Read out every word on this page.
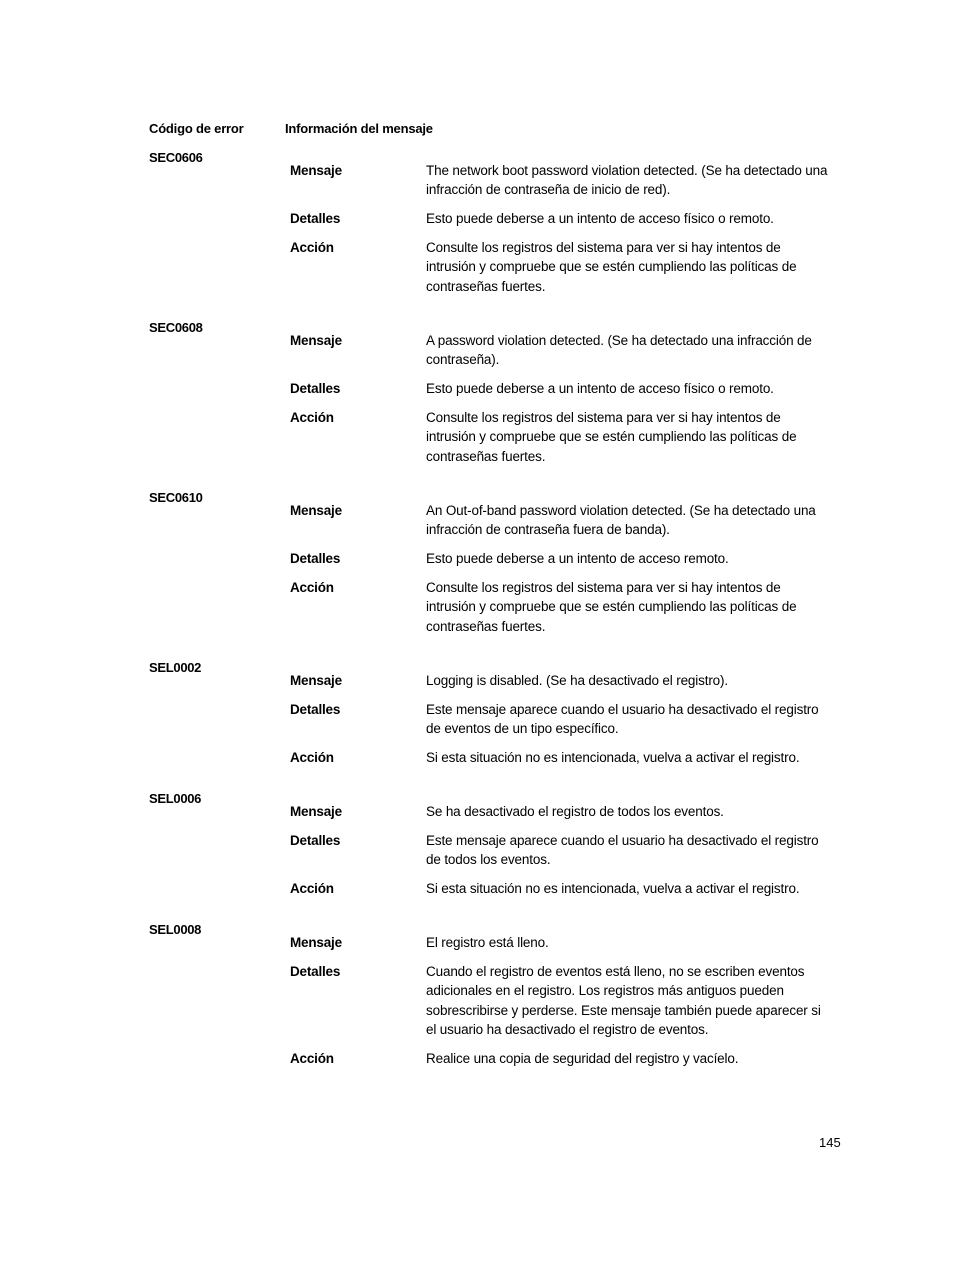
Código de error	Información del mensaje
SEC0606
Mensaje	The network boot password violation detected. (Se ha detectado una infracción de contraseña de inicio de red).
Detalles	Esto puede deberse a un intento de acceso físico o remoto.
Acción	Consulte los registros del sistema para ver si hay intentos de intrusión y compruebe que se estén cumpliendo las políticas de contraseñas fuertes.
SEC0608
Mensaje	A password violation detected. (Se ha detectado una infracción de contraseña).
Detalles	Esto puede deberse a un intento de acceso físico o remoto.
Acción	Consulte los registros del sistema para ver si hay intentos de intrusión y compruebe que se estén cumpliendo las políticas de contraseñas fuertes.
SEC0610
Mensaje	An Out-of-band password violation detected. (Se ha detectado una infracción de contraseña fuera de banda).
Detalles	Esto puede deberse a un intento de acceso remoto.
Acción	Consulte los registros del sistema para ver si hay intentos de intrusión y compruebe que se estén cumpliendo las políticas de contraseñas fuertes.
SEL0002
Mensaje	Logging is disabled. (Se ha desactivado el registro).
Detalles	Este mensaje aparece cuando el usuario ha desactivado el registro de eventos de un tipo específico.
Acción	Si esta situación no es intencionada, vuelva a activar el registro.
SEL0006
Mensaje	Se ha desactivado el registro de todos los eventos.
Detalles	Este mensaje aparece cuando el usuario ha desactivado el registro de todos los eventos.
Acción	Si esta situación no es intencionada, vuelva a activar el registro.
SEL0008
Mensaje	El registro está lleno.
Detalles	Cuando el registro de eventos está lleno, no se escriben eventos adicionales en el registro. Los registros más antiguos pueden sobrescribirse y perderse. Este mensaje también puede aparecer si el usuario ha desactivado el registro de eventos.
Acción	Realice una copia de seguridad del registro y vacíelo.
145
